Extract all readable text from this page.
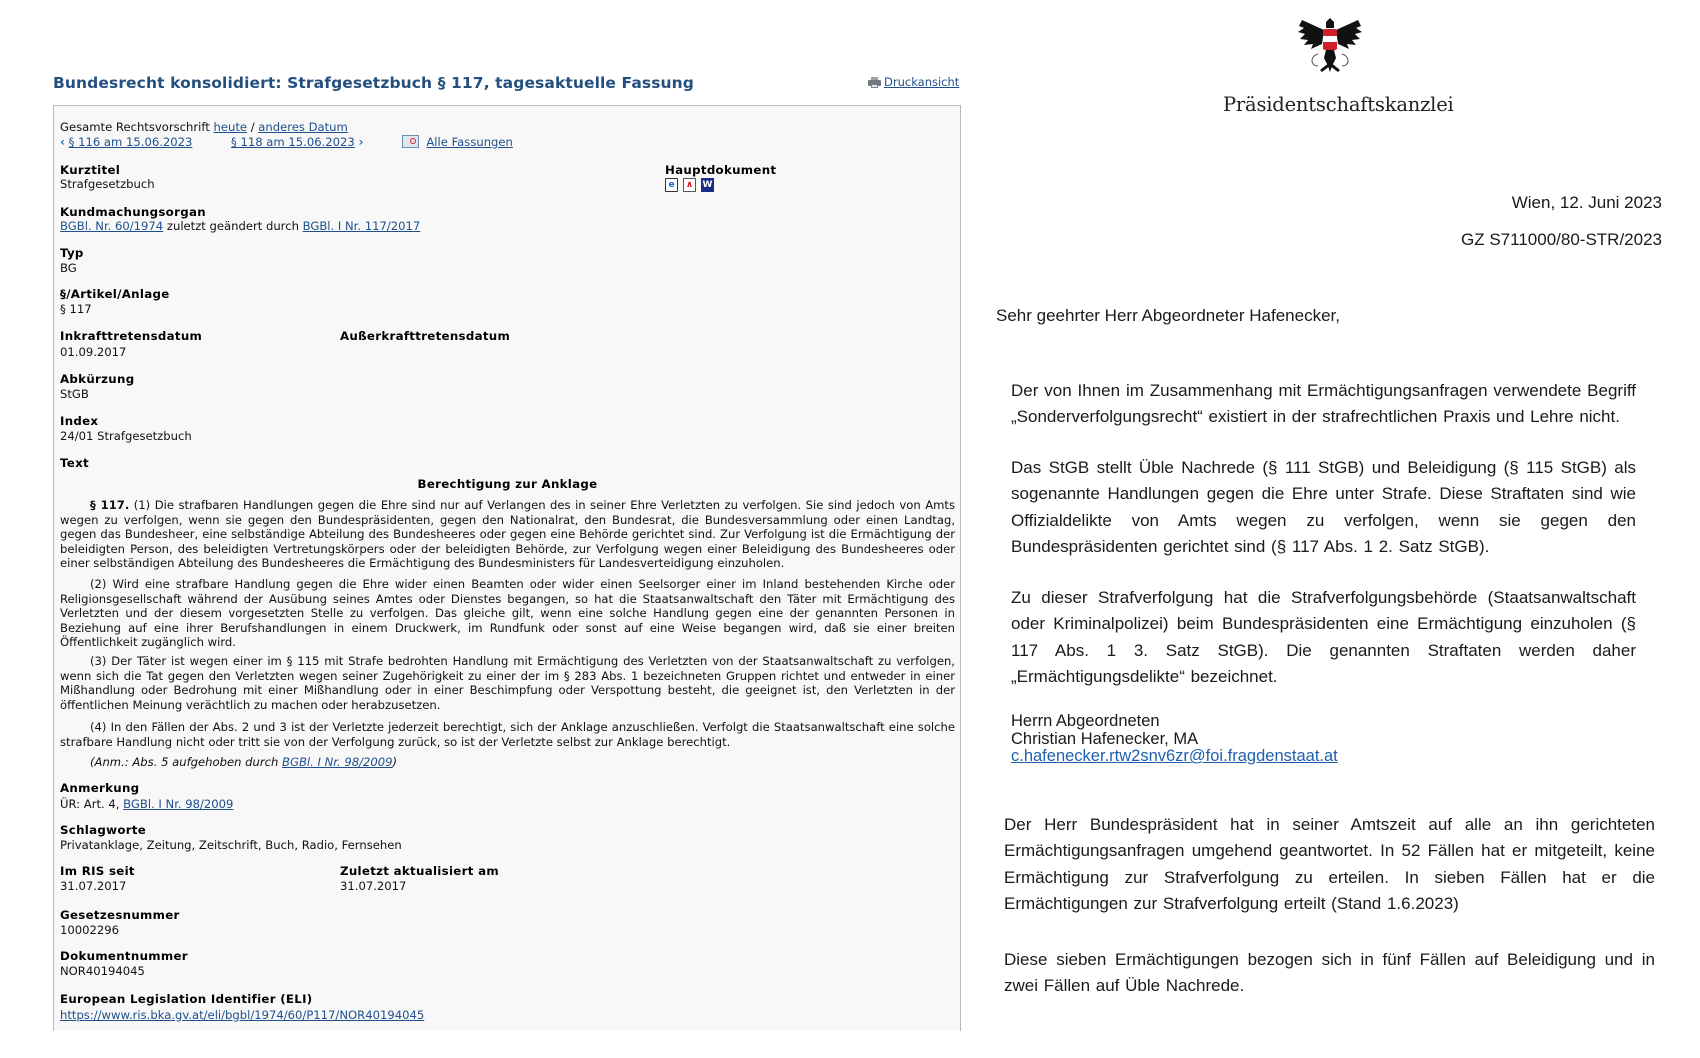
Bundesrecht konsolidiert: Strafgesetzbuch § 117, tagesaktuelle Fassung	Druckansicht
Gesamte Rechtsvorschrift heute / anderes Datum
‹ § 116 am 15.06.2023	§ 118 am 15.06.2023 ›	Alle Fassungen
Kurztitel
Strafgesetzbuch
Hauptdokument
e	∧	W
Kundmachungsorgan
BGBl. Nr. 60/1974 zuletzt geändert durch BGBl. I Nr. 117/2017
Typ
BG
§/Artikel/Anlage
§ 117
Inkrafttretensdatum
01.09.2017
Außerkrafttretensdatum
Abkürzung
StGB
Index
24/01 Strafgesetzbuch
Text
Berechtigung zur Anklage

§ 117. (1) Die strafbaren Handlungen gegen die Ehre sind nur auf Verlangen des in seiner Ehre Verletzten zu verfolgen. Sie sind jedoch von Amts wegen zu verfolgen, wenn sie gegen den Bundespräsidenten, gegen den Nationalrat, den Bundesrat, die Bundesversammlung oder einen Landtag, gegen das Bundesheer, eine selbständige Abteilung des Bundesheeres oder gegen eine Behörde gerichtet sind. Zur Verfolgung ist die Ermächtigung der beleidigten Person, des beleidigten Vertretungskörpers oder der beleidigten Behörde, zur Verfolgung wegen einer Beleidigung des Bundesheeres oder einer selbständigen Abteilung des Bundesheeres die Ermächtigung des Bundesministers für Landesverteidigung einzuholen.

(2) Wird eine strafbare Handlung gegen die Ehre wider einen Beamten oder wider einen Seelsorger einer im Inland bestehenden Kirche oder Religionsgesellschaft während der Ausübung seines Amtes oder Dienstes begangen, so hat die Staatsanwaltschaft den Täter mit Ermächtigung des Verletzten und der diesem vorgesetzten Stelle zu verfolgen. Das gleiche gilt, wenn eine solche Handlung gegen eine der genannten Personen in Beziehung auf eine ihrer Berufshandlungen in einem Druckwerk, im Rundfunk oder sonst auf eine Weise begangen wird, daß sie einer breiten Öffentlichkeit zugänglich wird.

(3) Der Täter ist wegen einer im § 115 mit Strafe bedrohten Handlung mit Ermächtigung des Verletzten von der Staatsanwaltschaft zu verfolgen, wenn sich die Tat gegen den Verletzten wegen seiner Zugehörigkeit zu einer der im § 283 Abs. 1 bezeichneten Gruppen richtet und entweder in einer Mißhandlung oder Bedrohung mit einer Mißhandlung oder in einer Beschimpfung oder Verspottung besteht, die geeignet ist, den Verletzten in der öffentlichen Meinung verächtlich zu machen oder herabzusetzen.

(4) In den Fällen der Abs. 2 und 3 ist der Verletzte jederzeit berechtigt, sich der Anklage anzuschließen. Verfolgt die Staatsanwaltschaft eine solche strafbare Handlung nicht oder tritt sie von der Verfolgung zurück, so ist der Verletzte selbst zur Anklage berechtigt.

(Anm.: Abs. 5 aufgehoben durch BGBl. I Nr. 98/2009)

Anmerkung
ÜR: Art. 4, BGBl. I Nr. 98/2009
Schlagworte
Privatanklage, Zeitung, Zeitschrift, Buch, Radio, Fernsehen
Im RIS seit
31.07.2017
Zuletzt aktualisiert am
31.07.2017
Gesetzesnummer
10002296
Dokumentnummer
NOR40194045
European Legislation Identifier (ELI)
https://www.ris.bka.gv.at/eli/bgbl/1974/60/P117/NOR40194045
Präsidentschaftskanzlei
Wien, 12. Juni 2023
GZ S711000/80-STR/2023
Sehr geehrter Herr Abgeordneter Hafenecker,
Der von Ihnen im Zusammenhang mit Ermächtigungsanfragen verwendete Begriff „Sonderverfolgungsrecht“ existiert in der strafrechtlichen Praxis und Lehre nicht.
Das StGB stellt Üble Nachrede (§ 111 StGB) und Beleidigung (§ 115 StGB) als sogenannte Handlungen gegen die Ehre unter Strafe. Diese Straftaten sind wie Offizialdelikte von Amts wegen zu verfolgen, wenn sie gegen den Bundespräsidenten gerichtet sind (§ 117 Abs. 1 2. Satz StGB).
Zu dieser Strafverfolgung hat die Strafverfolgungsbehörde (Staatsanwaltschaft oder Kriminalpolizei) beim Bundespräsidenten eine Ermächtigung einzuholen (§ 117 Abs. 1 3. Satz StGB). Die genannten Straftaten werden daher „Ermächtigungsdelikte“ bezeichnet.
Herrn Abgeordneten
Christian Hafenecker, MA
c.hafenecker.rtw2snv6zr@foi.fragdenstaat.at
Der Herr Bundespräsident hat in seiner Amtszeit auf alle an ihn gerichteten Ermächtigungsanfragen umgehend geantwortet. In 52 Fällen hat er mitgeteilt, keine Ermächtigung zur Strafverfolgung zu erteilen. In sieben Fällen hat er die Ermächtigungen zur Strafverfolgung erteilt (Stand 1.6.2023)
Diese sieben Ermächtigungen bezogen sich in fünf Fällen auf Beleidigung und in zwei Fällen auf Üble Nachrede.
